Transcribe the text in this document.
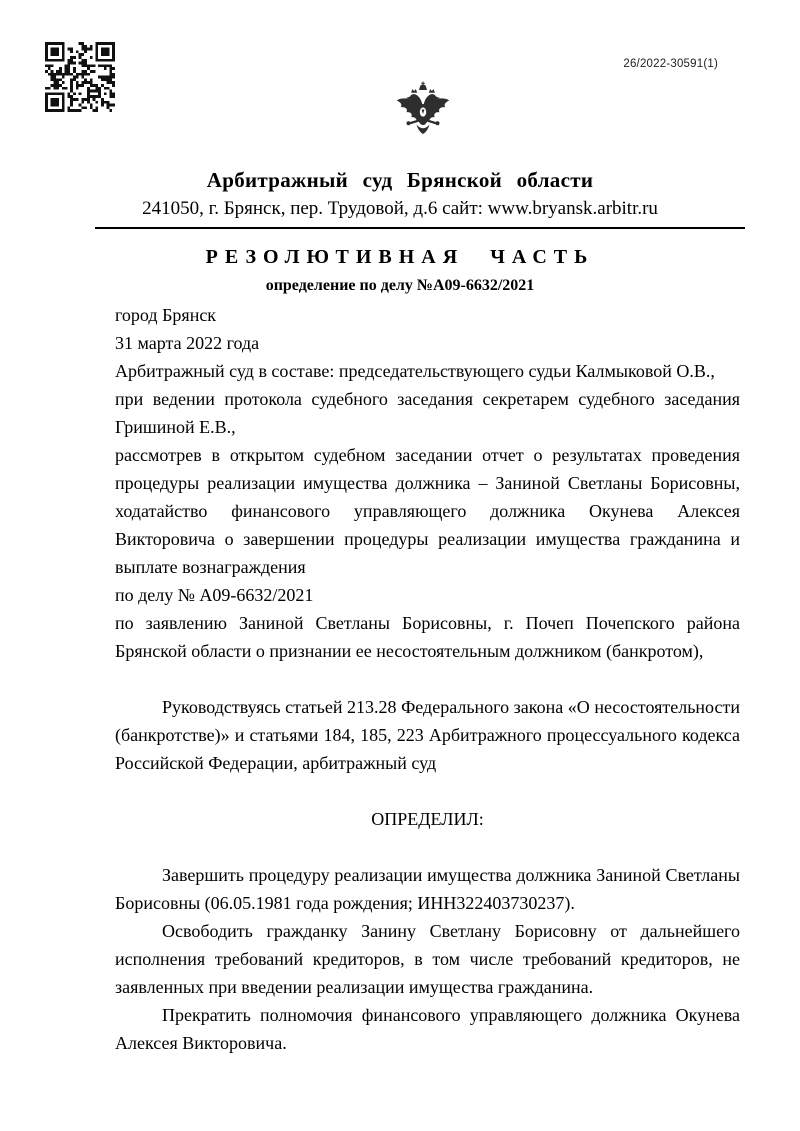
26/2022-30591(1)
Арбитражный суд Брянской области
241050, г. Брянск, пер. Трудовой, д.6 сайт: www.bryansk.arbitr.ru
РЕЗОЛЮТИВНАЯ ЧАСТЬ
определение по делу №А09-6632/2021

город Брянск

31 марта 2022 года

Арбитражный суд в составе: председательствующего судьи Калмыковой О.В.,

при ведении протокола судебного заседания секретарем судебного заседания Гришиной Е.В.,

рассмотрев в открытом судебном заседании отчет о результатах проведения процедуры реализации имущества должника – Заниной Светланы Борисовны, ходатайство финансового управляющего должника Окунева Алексея Викторовича о завершении процедуры реализации имущества гражданина и выплате вознаграждения

по делу № А09-6632/2021

по заявлению Заниной Светланы Борисовны, г. Почеп Почепского района Брянской области о признании ее несостоятельным должником (банкротом),

Руководствуясь статьей 213.28 Федерального закона «О несостоятельности (банкротстве)» и статьями 184, 185, 223 Арбитражного процессуального кодекса Российской Федерации, арбитражный суд

ОПРЕДЕЛИЛ:

Завершить процедуру реализации имущества должника Заниной Светланы Борисовны (06.05.1981 года рождения; ИНН322403730237).

Освободить гражданку Занину Светлану Борисовну от дальнейшего исполнения требований кредиторов, в том числе требований кредиторов, не заявленных при введении реализации имущества гражданина.

Прекратить полномочия финансового управляющего должника Окунева Алексея Викторовича.
